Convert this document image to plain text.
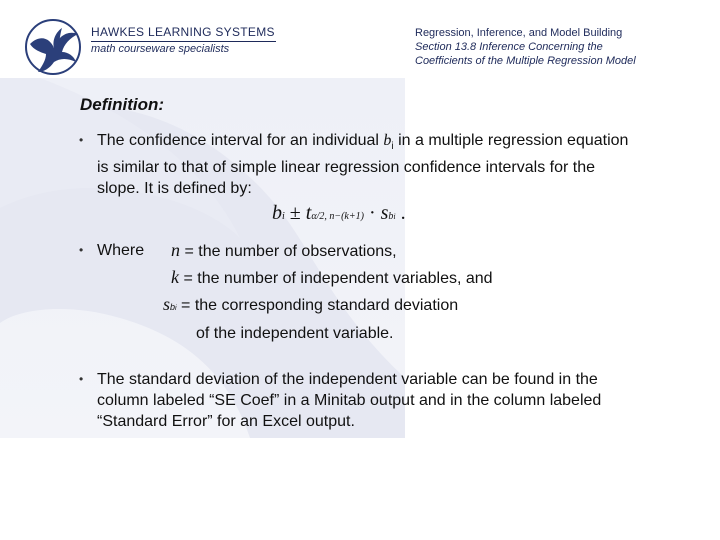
HAWKES LEARNING SYSTEMS
math courseware specialists
Regression, Inference, and Model Building
Section 13.8 Inference Concerning the
Coefficients of the Multiple Regression Model
Definition:
• The confidence interval for an individual $b_i$ in a multiple regression equation is similar to that of simple linear regression confidence intervals for the slope. It is defined by:
bi ± tα/2, n−(k+1) · sbi .
• Where n = the number of observations,
k = the number of independent variables, and
sbi = the corresponding standard deviation
of the independent variable.
• The standard deviation of the independent variable can be found in the column labeled “SE Coef” in a Minitab output and in the column labeled “Standard Error” for an Excel output.
